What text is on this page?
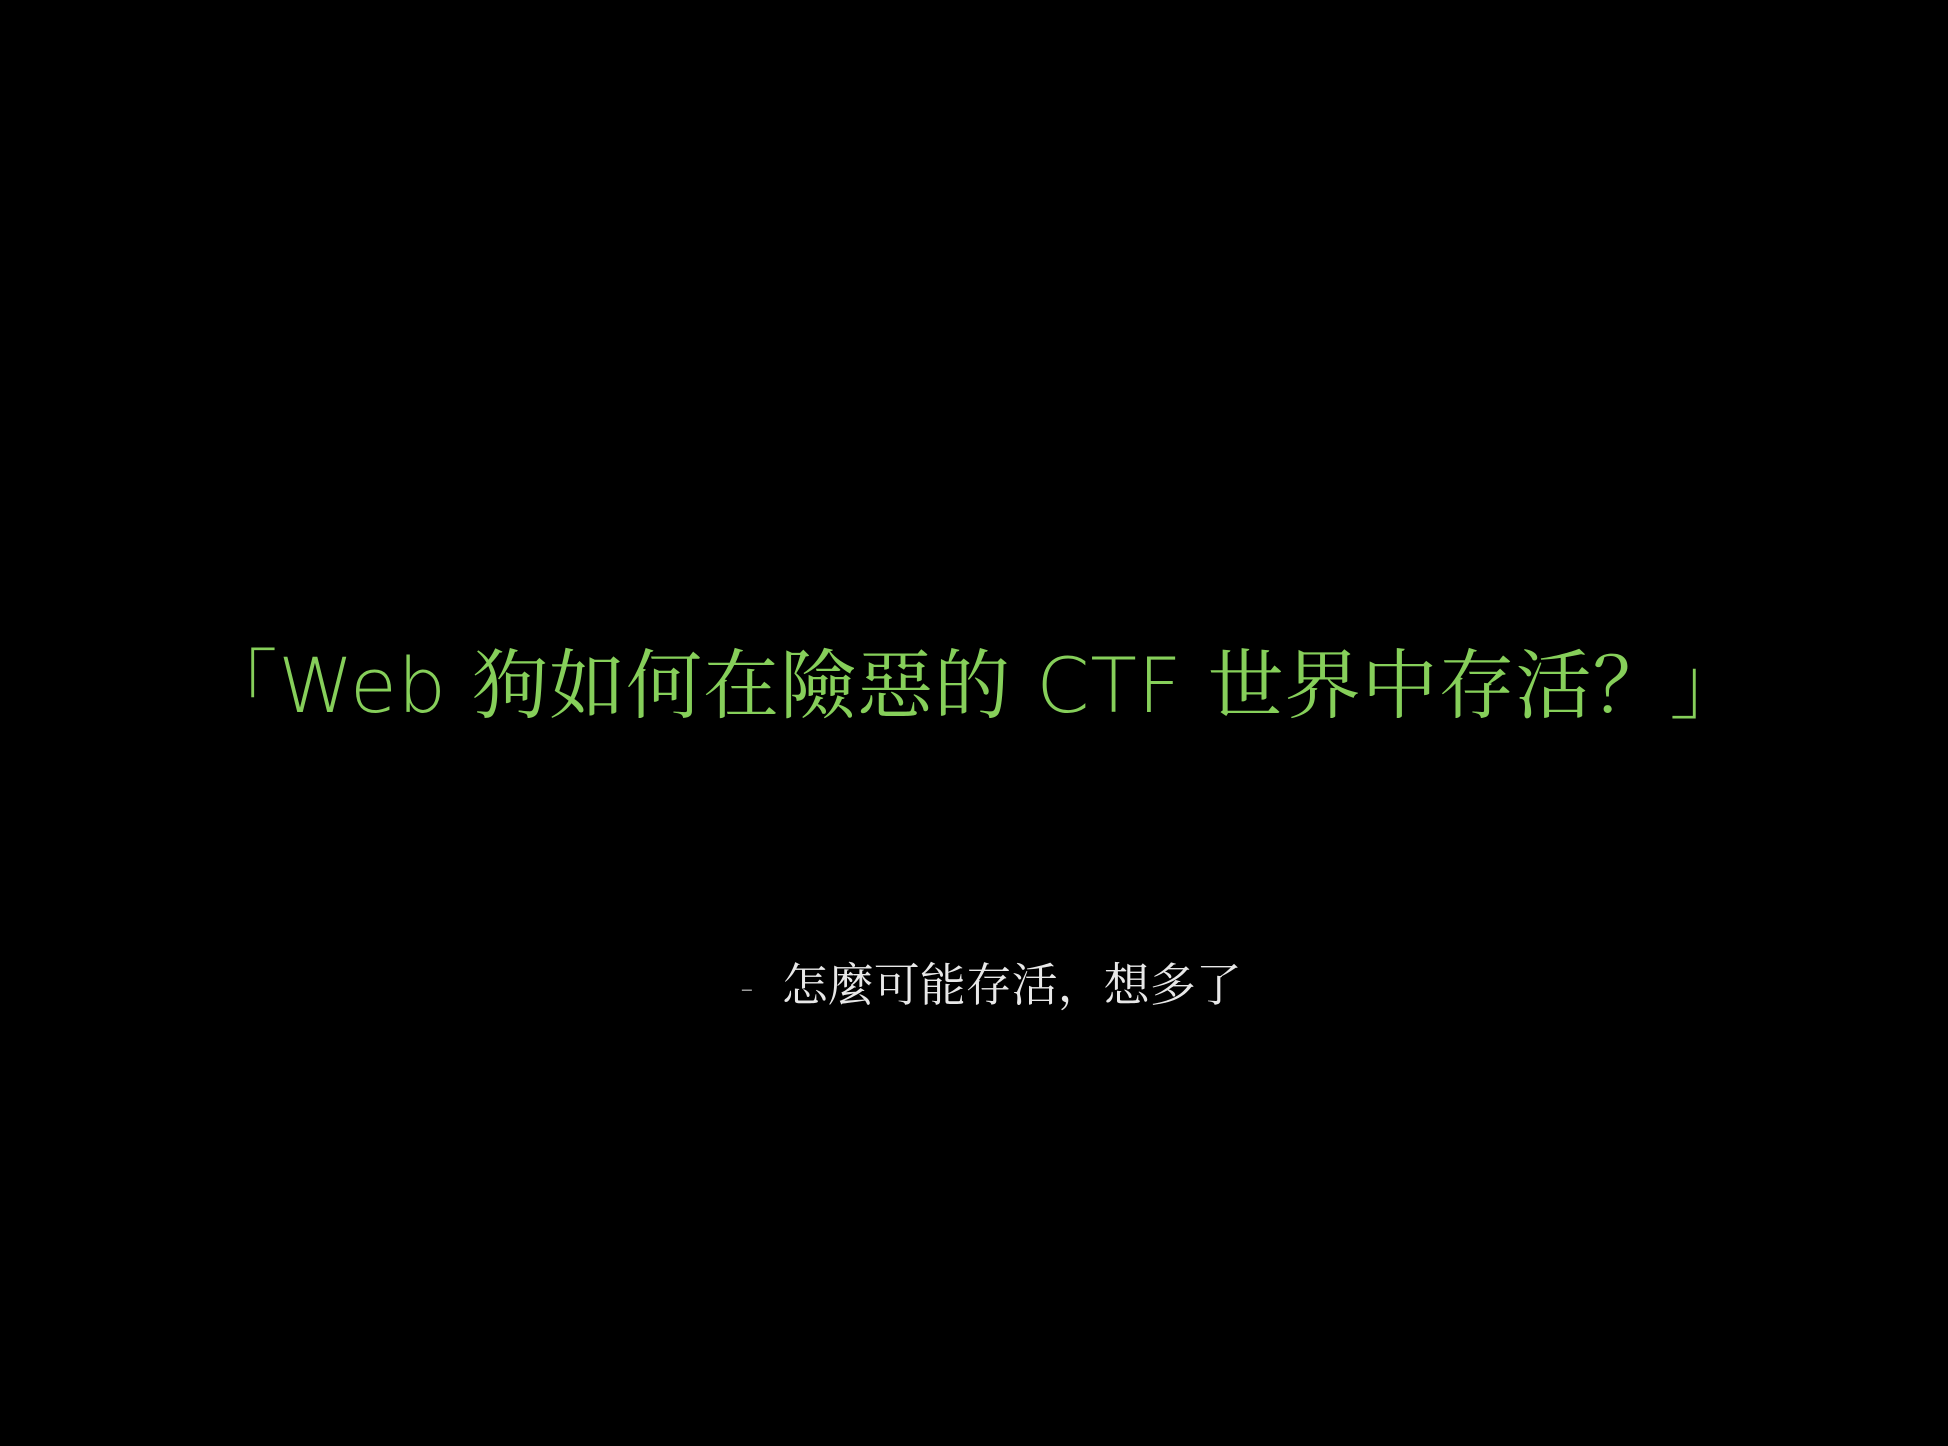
「Web 狗如何在險惡的 CTF 世界中存活？」
- 怎麼可能存活，想多了
